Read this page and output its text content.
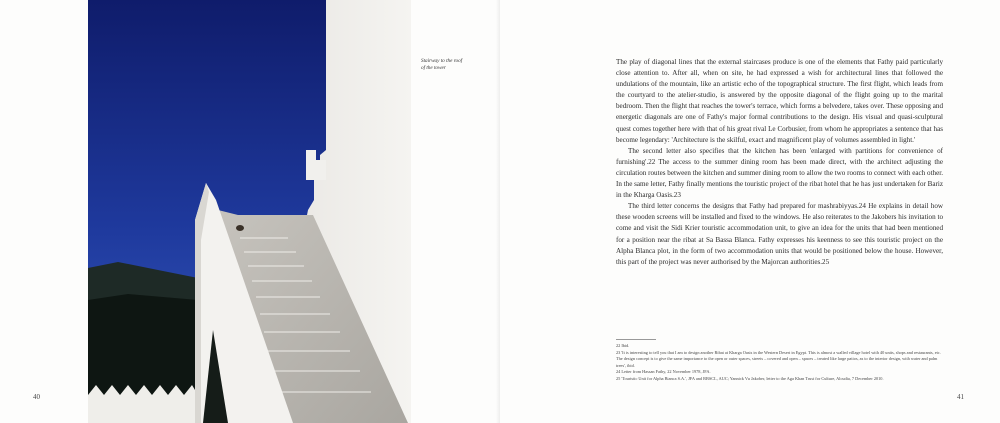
Stairway to the roof
of the tower
40	41

The play of diagonal lines that the external staircases produce is one of the elements that Fathy paid particularly close attention to. After all, when on site, he had expressed a wish for architectural lines that followed the undulations of the mountain, like an artistic echo of the topographical structure. The first flight, which leads from the courtyard to the atelier-studio, is answered by the opposite diagonal of the flight going up to the marital bedroom. Then the flight that reaches the tower's terrace, which forms a belvedere, takes over. These opposing and energetic diagonals are one of Fathy's major formal contributions to the design. His visual and quasi-sculptural quest comes together here with that of his great rival Le Corbusier, from whom he appropriates a sentence that has become legendary: 'Architecture is the skilful, exact and magnificent play of volumes assembled in light.'

The second letter also specifies that the kitchen has been 'enlarged with partitions for convenience of furnishing'.22 The access to the summer dining room has been made direct, with the architect adjusting the circulation routes between the kitchen and summer dining room to allow the two rooms to connect with each other. In the same letter, Fathy finally mentions the touristic project of the ribat hotel that he has just undertaken for Bariz in the Kharga Oasis.23

The third letter concerns the designs that Fathy had prepared for mashrabiyyas.24 He explains in detail how these wooden screens will be installed and fixed to the windows. He also reiterates to the Jakobers his invitation to come and visit the Sidi Krier touristic accommodation unit, to give an idea for the units that had been mentioned for a position near the ribat at Sa Bassa Blanca. Fathy expresses his keenness to see this touristic project on the Alpha Blanca plot, in the form of two accommodation units that would be positioned below the house. However, this part of the project was never authorised by the Majorcan authorities.25

22 Ibid.
23 'It is interesting to tell you that I am to design another Ribat at Kharga Oasis in the Western Desert in Egypt. This is almost a walled village hotel with 40 units, shops and restaurants, etc. The design concept is to give the same importance to the open or outer spaces, streets – covered and open – spaces – treated like large patios, as to the interior design, with water and palm trees', ibid.
24 Letter from Hassan Fathy, 22 November 1978, JFA.
25 'Touristic Unit for Alpha Bianca S.A.', JFA and RBSCL, AUC; Yannick Vu Jakober, letter to the Aga Khan Trust for Culture, Alcudia, 7 December 2010.
